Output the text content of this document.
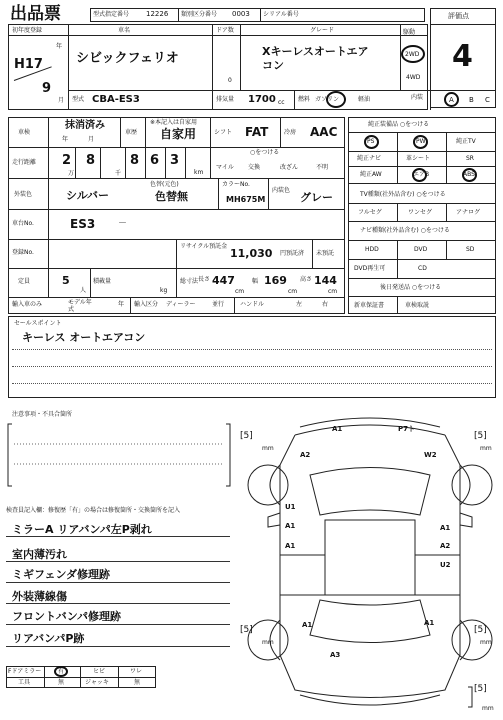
出品票	型式指定番号 12226 類別区分番号 0003 シリアル番号	評価点
4
初年度登録
年
H17
9
月
車名
シビックフェリオ
ドア数
0
グレード
Xキーレスオートエア
コン
駆動
2WD
4WD
型式 CBA-ES3	排気量 1700 cc 燃料 ガソリン	軽油	内装	A B C
車検
抹消済み
年	月
車歴
※本記入は自家用
自家用	シフト FAT	冷房 AAC
走行距離 2
万
8
千
8 6 3
km
○をつける
マイル 交換	改ざん	不明
外装色	シルバー
色替(元色)
色替無
カラーNo.
MH675M
内装色
グレー
車台No.	ES3	－
登録No.
リサイクル預託金
11,030 円預託済 未預託
定員	5
人
積載量
kg
総寸法 長さ 447
cm
幅 169
cm
高さ 144
cm
輸入車のみ	モデル年式
年 輸入区分 ディーラー	並行	ハンドル	左	右
純正装備品 ○をつける
PS	PW	純正TV
純正ナビ	革シート	SR
純正AW	エアB	ABS
TV種類(社外品含む) ○をつける
フルセグ	ワンセグ	アナログ
ナビ種類(社外品含む) ○をつける
HDD	DVD	SD
DVD再生可	CD
後日発送品 ○をつける
新車保証書	車検取説
セールスポイント
キーレス オートエアコン
注意事項・不具合箇所
検査員記入欄：修復歴「有」の場合は修復箇所・交換箇所を記入
ミラーA リアバンパ左P剥れ
室内薄汚れ
ミギフェンダ修理跡
外装薄線傷
フロントバンパ修理跡
リアバンパP跡
Fドアミラー	有	ヒビ	ワレ
工具	無	ジャッキ	無
[5]
mm
[5]
mm
[5]
mm
[5]
mm
[5]
mm
A1	P7ト
A2	W2
U1
A1
A1
A1
A2
U2
A1	A1
A3
